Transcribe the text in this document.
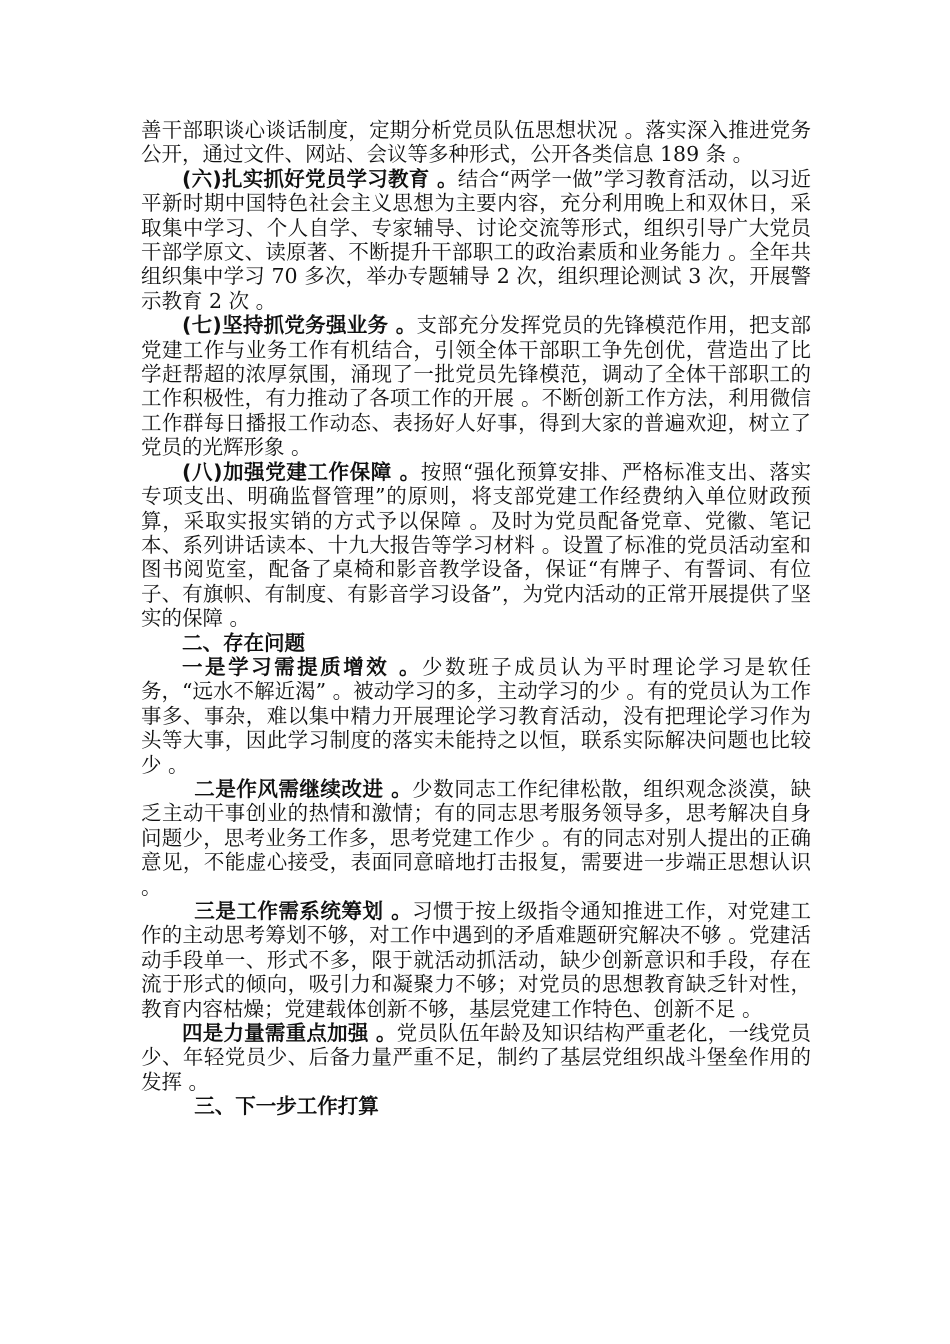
善干部职谈心谈话制度，定期分析党员队伍思想状况 。落实深入推进党务公开，通过文件、网站、会议等多种形式，公开各类信息 189 条 。

(六)扎实抓好党员学习教育 。结合“两学一做”学习教育活动，以习近平新时期中国特色社会主义思想为主要内容，充分利用晚上和双休日，采取集中学习、个人自学、专家辅导、讨论交流等形式，组织引导广大党员干部学原文、读原著、不断提升干部职工的政治素质和业务能力 。全年共组织集中学习 70 多次，举办专题辅导 2 次，组织理论测试 3 次，开展警示教育 2 次 。

(七)坚持抓党务强业务 。支部充分发挥党员的先锋模范作用，把支部党建工作与业务工作有机结合，引领全体干部职工争先创优，营造出了比学赶帮超的浓厚氛围，涌现了一批党员先锋模范，调动了全体干部职工的工作积极性，有力推动了各项工作的开展 。不断创新工作方法，利用微信工作群每日播报工作动态、表扬好人好事，得到大家的普遍欢迎，树立了党员的光辉形象 。

(八)加强党建工作保障 。按照“强化预算安排、严格标准支出、落实专项支出、明确监督管理”的原则，将支部党建工作经费纳入单位财政预算，采取实报实销的方式予以保障 。及时为党员配备党章、党徽、笔记本、系列讲话读本、十九大报告等学习材料 。设置了标准的党员活动室和图书阅览室，配备了桌椅和影音教学设备，保证“有牌子、有誓词、有位子、有旗帜、有制度、有影音学习设备”，为党内活动的正常开展提供了坚实的保障 。

二、存在问题

一是学习需提质增效 。少数班子成员认为平时理论学习是软任务，“远水不解近渴” 。被动学习的多，主动学习的少 。有的党员认为工作事多、事杂，难以集中精力开展理论学习教育活动，没有把理论学习作为头等大事，因此学习制度的落实未能持之以恒，联系实际解决问题也比较少 。

二是作风需继续改进 。少数同志工作纪律松散，组织观念淡漠，缺乏主动干事创业的热情和激情；有的同志思考服务领导多，思考解决自身问题少，思考业务工作多，思考党建工作少 。有的同志对别人提出的正确意见，不能虚心接受，表面同意暗地打击报复，需要进一步端正思想认识 。

三是工作需系统筹划 。习惯于按上级指令通知推进工作，对党建工作的主动思考筹划不够，对工作中遇到的矛盾难题研究解决不够 。党建活动手段单一、形式不多，限于就活动抓活动，缺少创新意识和手段，存在流于形式的倾向，吸引力和凝聚力不够；对党员的思想教育缺乏针对性，教育内容枯燥；党建载体创新不够，基层党建工作特色、创新不足 。

四是力量需重点加强 。党员队伍年龄及知识结构严重老化，一线党员少、年轻党员少、后备力量严重不足，制约了基层党组织战斗堡垒作用的发挥 。

三、下一步工作打算
